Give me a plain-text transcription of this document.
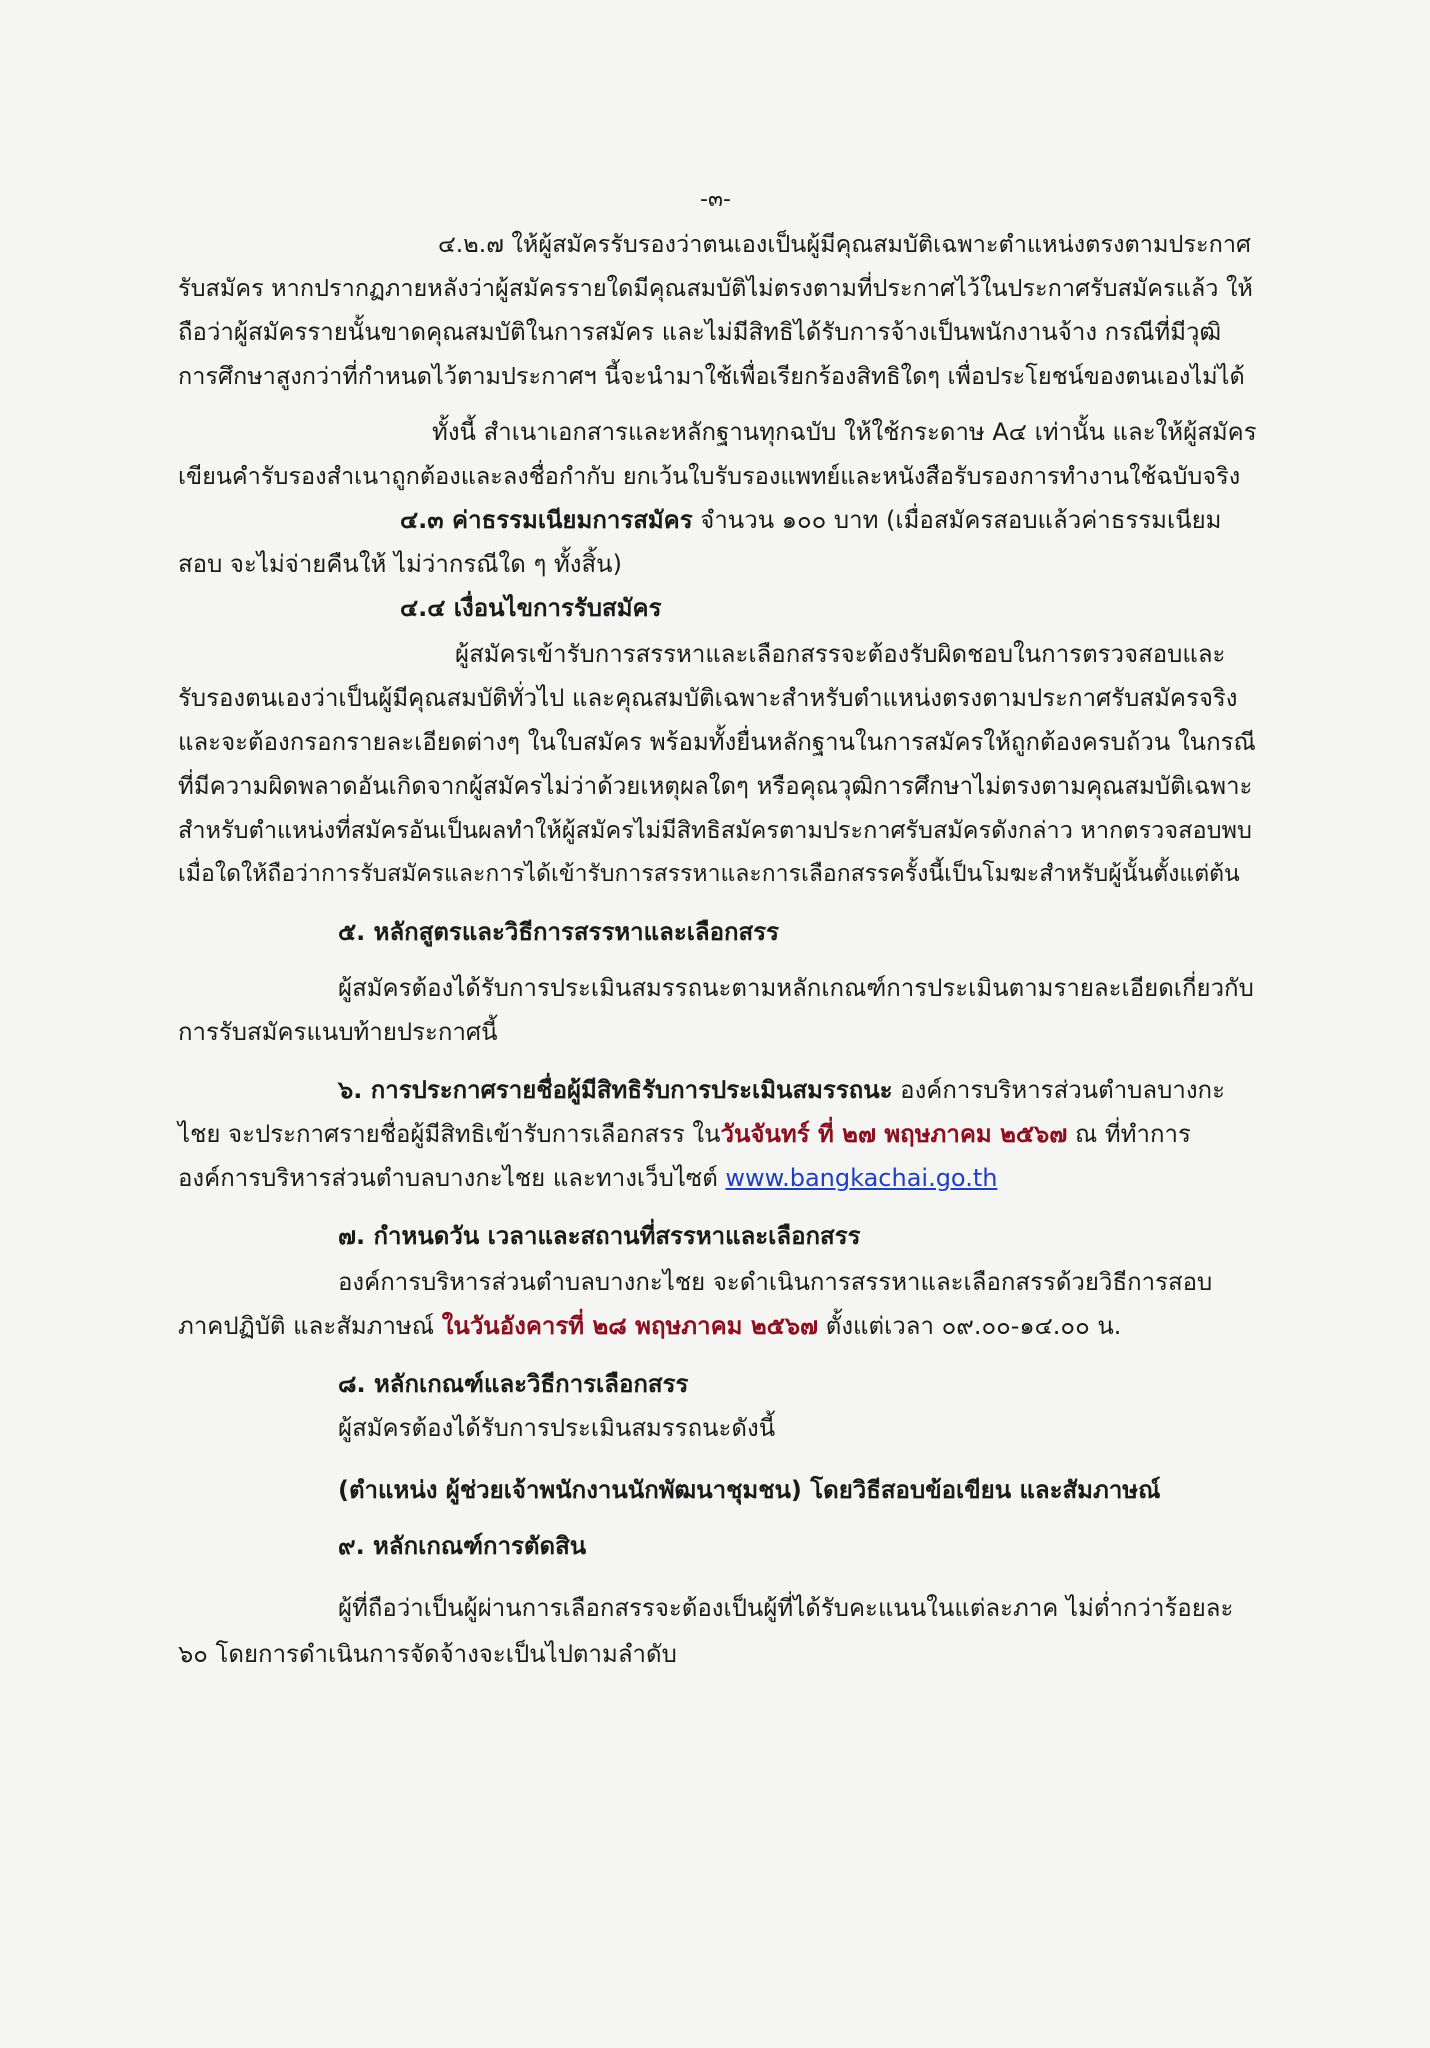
-๓-
๔.๒.๗ ให้ผู้สมัครรับรองว่าตนเองเป็นผู้มีคุณสมบัติเฉพาะตำแหน่งตรงตามประกาศ
รับสมัคร หากปรากฏภายหลังว่าผู้สมัครรายใดมีคุณสมบัติไม่ตรงตามที่ประกาศไว้ในประกาศรับสมัครแล้ว ให้
ถือว่าผู้สมัครรายนั้นขาดคุณสมบัติในการสมัคร และไม่มีสิทธิได้รับการจ้างเป็นพนักงานจ้าง กรณีที่มีวุฒิ
การศึกษาสูงกว่าที่กำหนดไว้ตามประกาศฯ นี้จะนำมาใช้เพื่อเรียกร้องสิทธิใดๆ เพื่อประโยชน์ของตนเองไม่ได้
ทั้งนี้ สำเนาเอกสารและหลักฐานทุกฉบับ ให้ใช้กระดาษ A๔ เท่านั้น และให้ผู้สมัคร
เขียนคำรับรองสำเนาถูกต้องและลงชื่อกำกับ ยกเว้นใบรับรองแพทย์และหนังสือรับรองการทำงานใช้ฉบับจริง
๔.๓ ค่าธรรมเนียมการสมัคร จำนวน ๑๐๐ บาท (เมื่อสมัครสอบแล้วค่าธรรมเนียม
สอบ จะไม่จ่ายคืนให้ ไม่ว่ากรณีใด ๆ ทั้งสิ้น)
๔.๔ เงื่อนไขการรับสมัคร
ผู้สมัครเข้ารับการสรรหาและเลือกสรรจะต้องรับผิดชอบในการตรวจสอบและ
รับรองตนเองว่าเป็นผู้มีคุณสมบัติทั่วไป และคุณสมบัติเฉพาะสำหรับตำแหน่งตรงตามประกาศรับสมัครจริง
และจะต้องกรอกรายละเอียดต่างๆ ในใบสมัคร พร้อมทั้งยื่นหลักฐานในการสมัครให้ถูกต้องครบถ้วน ในกรณี
ที่มีความผิดพลาดอันเกิดจากผู้สมัครไม่ว่าด้วยเหตุผลใดๆ หรือคุณวุฒิการศึกษาไม่ตรงตามคุณสมบัติเฉพาะ
สำหรับตำแหน่งที่สมัครอันเป็นผลทำให้ผู้สมัครไม่มีสิทธิสมัครตามประกาศรับสมัครดังกล่าว หากตรวจสอบพบ
เมื่อใดให้ถือว่าการรับสมัครและการได้เข้ารับการสรรหาและการเลือกสรรครั้งนี้เป็นโมฆะสำหรับผู้นั้นตั้งแต่ต้น
๕. หลักสูตรและวิธีการสรรหาและเลือกสรร
ผู้สมัครต้องได้รับการประเมินสมรรถนะตามหลักเกณฑ์การประเมินตามรายละเอียดเกี่ยวกับ
การรับสมัครแนบท้ายประกาศนี้
๖. การประกาศรายชื่อผู้มีสิทธิรับการประเมินสมรรถนะ องค์การบริหารส่วนตำบลบางกะ
ไชย จะประกาศรายชื่อผู้มีสิทธิเข้ารับการเลือกสรร ในวันจันทร์ ที่ ๒๗ พฤษภาคม ๒๕๖๗ ณ ที่ทำการ
องค์การบริหารส่วนตำบลบางกะไชย และทางเว็บไซต์ www.bangkachai.go.th
๗. กำหนดวัน เวลาและสถานที่สรรหาและเลือกสรร
องค์การบริหารส่วนตำบลบางกะไชย จะดำเนินการสรรหาและเลือกสรรด้วยวิธีการสอบ
ภาคปฏิบัติ และสัมภาษณ์ ในวันอังคารที่ ๒๘ พฤษภาคม ๒๕๖๗ ตั้งแต่เวลา ๐๙.๐๐-๑๔.๐๐ น.
๘. หลักเกณฑ์และวิธีการเลือกสรร
ผู้สมัครต้องได้รับการประเมินสมรรถนะดังนี้
(ตำแหน่ง ผู้ช่วยเจ้าพนักงานนักพัฒนาชุมชน) โดยวิธีสอบข้อเขียน และสัมภาษณ์
๙. หลักเกณฑ์การตัดสิน
ผู้ที่ถือว่าเป็นผู้ผ่านการเลือกสรรจะต้องเป็นผู้ที่ได้รับคะแนนในแต่ละภาค ไม่ต่ำกว่าร้อยละ
๖๐ โดยการดำเนินการจัดจ้างจะเป็นไปตามลำดับ
